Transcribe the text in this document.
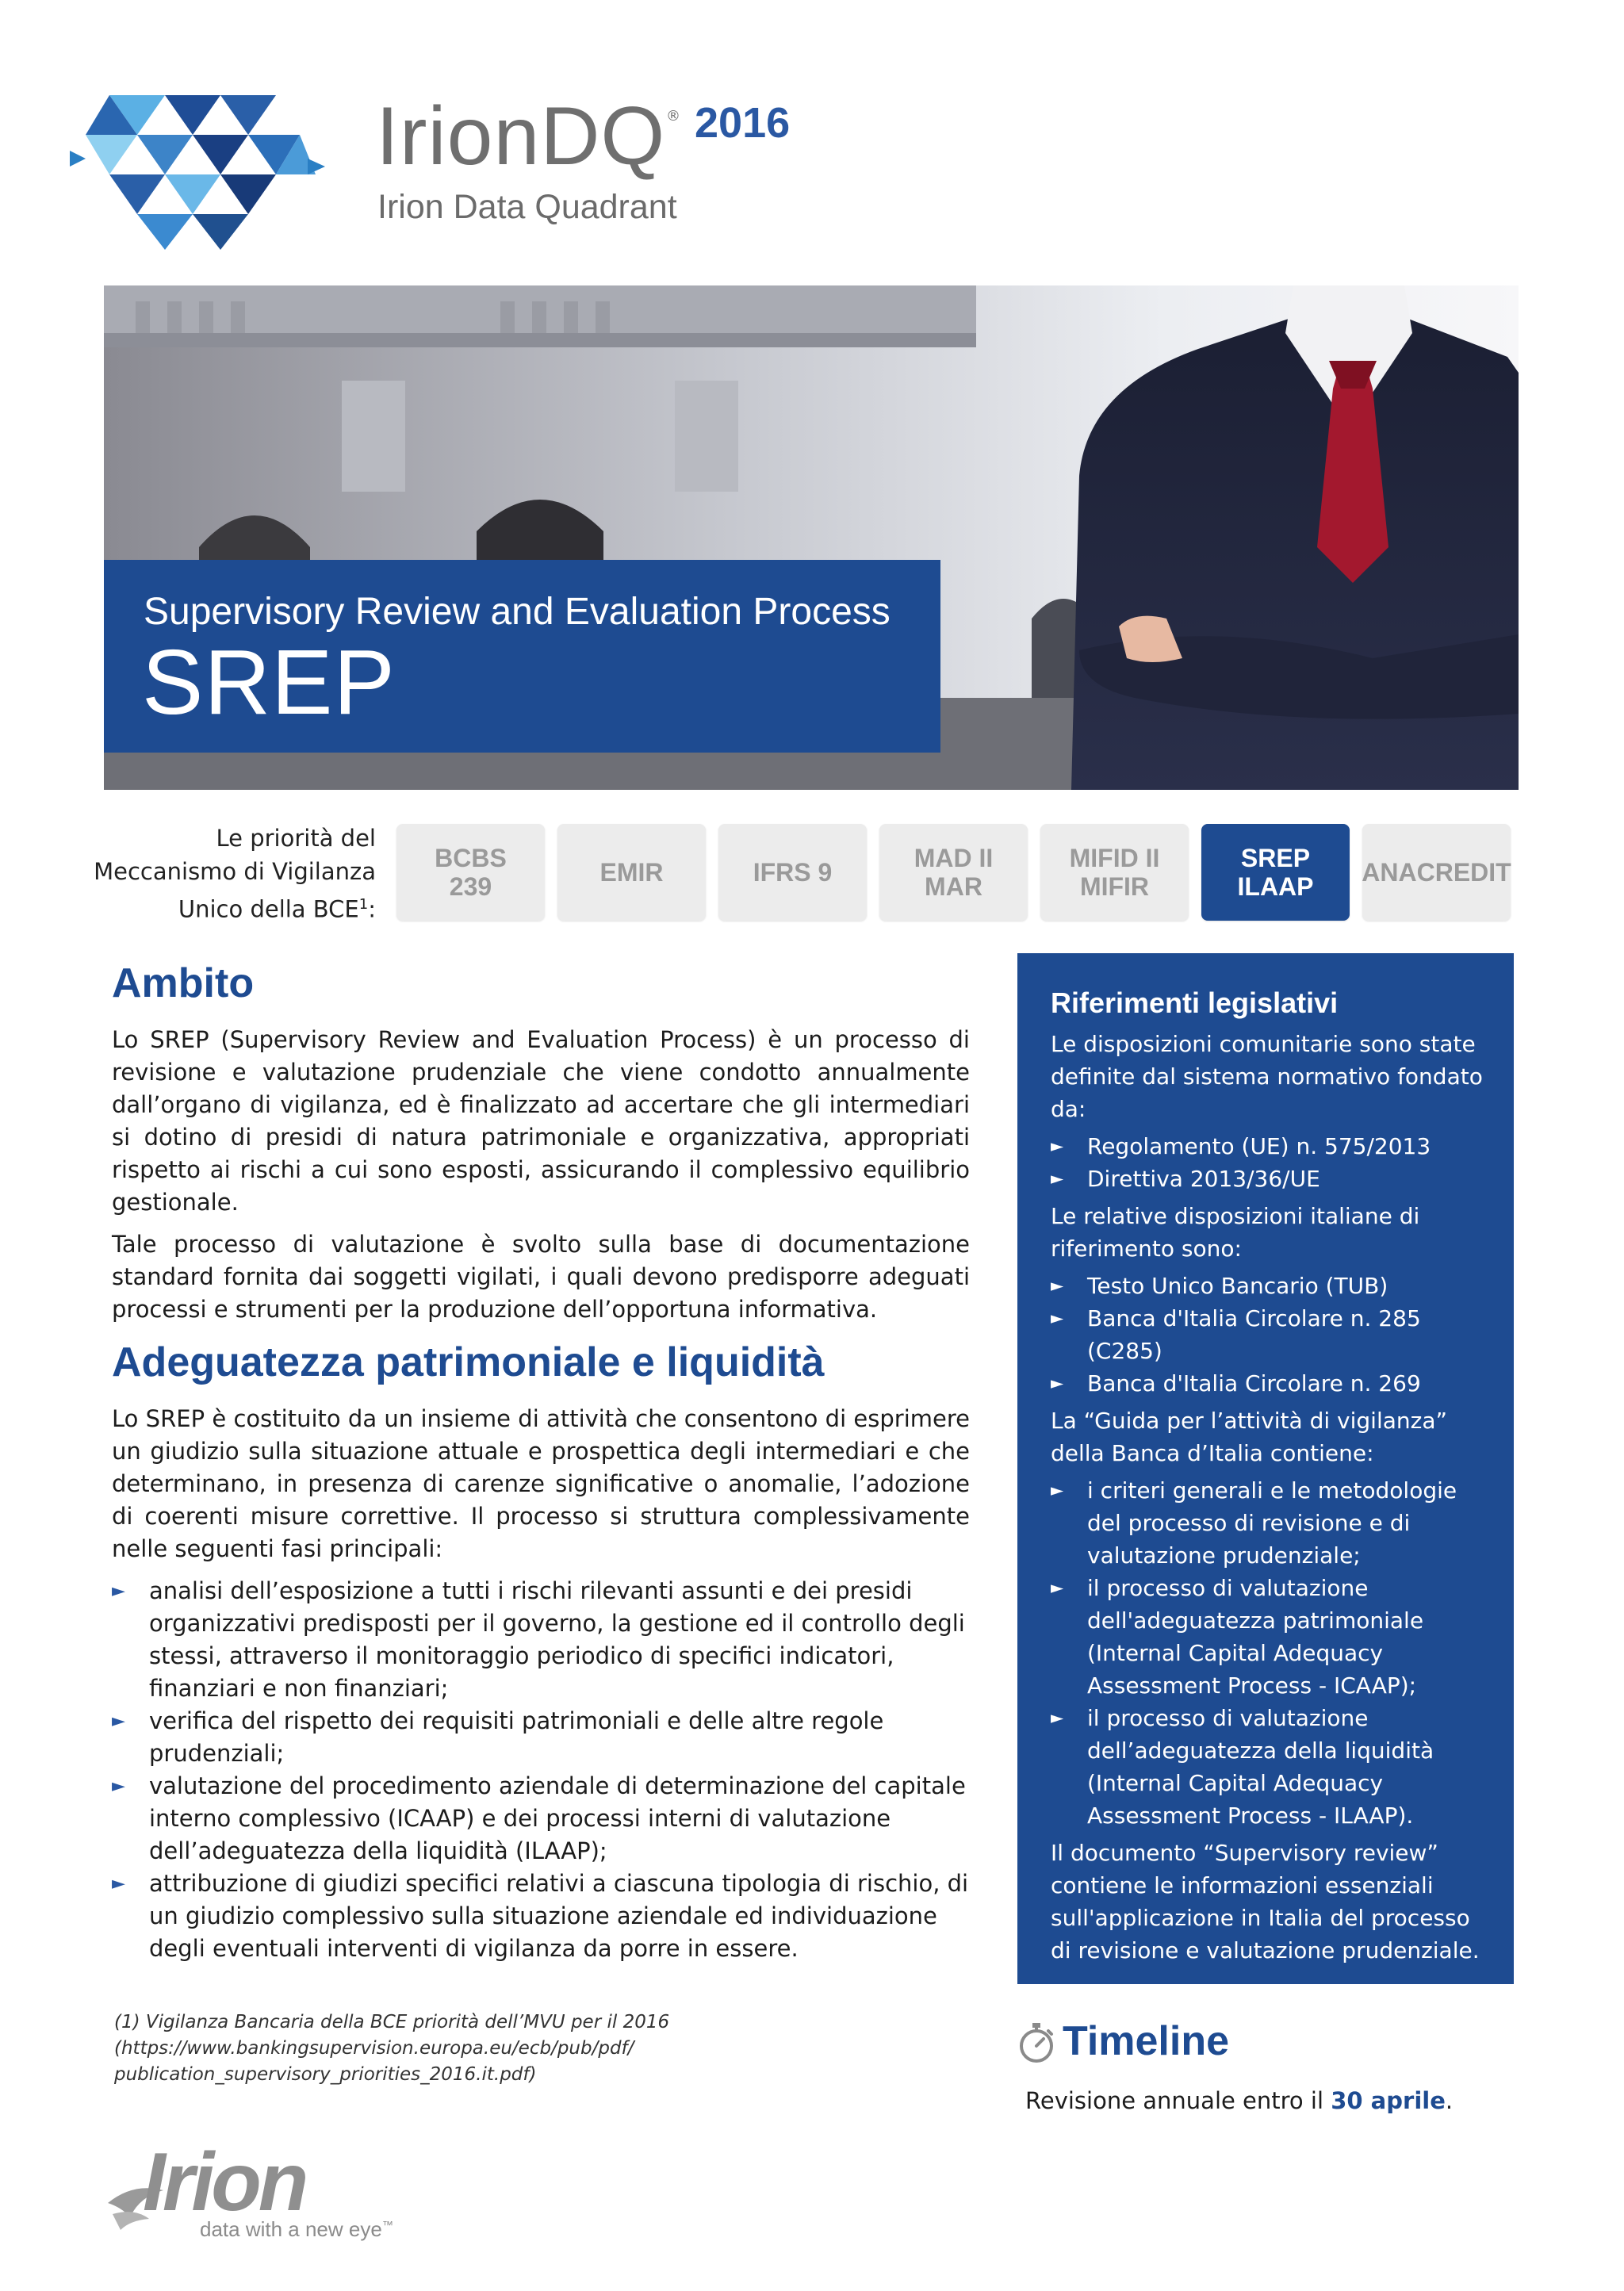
IrionDQ ® 2016
Irion Data Quadrant
Supervisory Review and Evaluation Process
SREP
Le priorità del
Meccanismo di Vigilanza
Unico della BCE$^1$:
BCBS
239	EMIR	IFRS 9	MAD II
MAR
MIFID II
MIFIR
SREP
ILAAP	ANACREDIT
Ambito

Lo SREP (Supervisory Review and Evaluation Process) è un processo di revisione e valutazione prudenziale che viene condotto annualmente dall’organo di vigilanza, ed è finalizzato ad accertare che gli intermediari si dotino di presidi di natura patrimoniale e organizzativa, appropriati rispetto ai rischi a cui sono esposti, assicurando il complessivo equilibrio gestionale.

Tale processo di valutazione è svolto sulla base di documentazione standard fornita dai soggetti vigilati, i quali devono predisporre adeguati processi e strumenti per la produzione dell’opportuna informativa.

Adeguatezza patrimoniale e liquidità

Lo SREP è costituito da un insieme di attività che consentono di esprimere un giudizio sulla situazione attuale e prospettica degli intermediari e che determinano, in presenza di carenze significative o anomalie, l’adozione di coerenti misure correttive. Il processo si struttura complessivamente nelle seguenti fasi principali:

► analisi dell’esposizione a tutti i rischi rilevanti assunti e dei presidi organizzativi predisposti per il governo, la gestione ed il controllo degli stessi, attraverso il monitoraggio periodico di specifici indicatori, finanziari e non finanziari;
► verifica del rispetto dei requisiti patrimoniali e delle altre regole prudenziali;
► valutazione del procedimento aziendale di determinazione del capitale interno complessivo (ICAAP) e dei processi interni di valutazione dell’adeguatezza della liquidità (ILAAP);
► attribuzione di giudizi specifici relativi a ciascuna tipologia di rischio, di un giudizio complessivo sulla situazione aziendale ed individuazione degli eventuali interventi di vigilanza da porre in essere.
Riferimenti legislativi

Le disposizioni comunitarie sono state definite dal sistema normativo fondato da:

► Regolamento (UE) n. 575/2013
► Direttiva 2013/36/UE

Le relative disposizioni italiane di riferimento sono:

► Testo Unico Bancario (TUB)
► Banca d'Italia Circolare n. 285 (C285)
► Banca d'Italia Circolare n. 269

La “Guida per l’attività di vigilanza” della Banca d’Italia contiene:

► i criteri generali e le metodologie del processo di revisione e di valutazione prudenziale;
► il processo di valutazione dell'adeguatezza patrimoniale (Internal Capital Adequacy Assessment Process - ICAAP);
► il processo di valutazione dell’adeguatezza della liquidità (Internal Capital Adequacy Assessment Process - ILAAP).

Il documento “Supervisory review” contiene le informazioni essenziali sull'applicazione in Italia del processo di revisione e valutazione prudenziale.

(1) Vigilanza Bancaria della BCE priorità dell’MVU per il 2016
(https://www.bankingsupervision.europa.eu/ecb/pub/pdf/
publication_supervisory_priorities_2016.it.pdf)
Timeline
Revisione annuale entro il 30 aprile.
Irion
data with a new eye™
